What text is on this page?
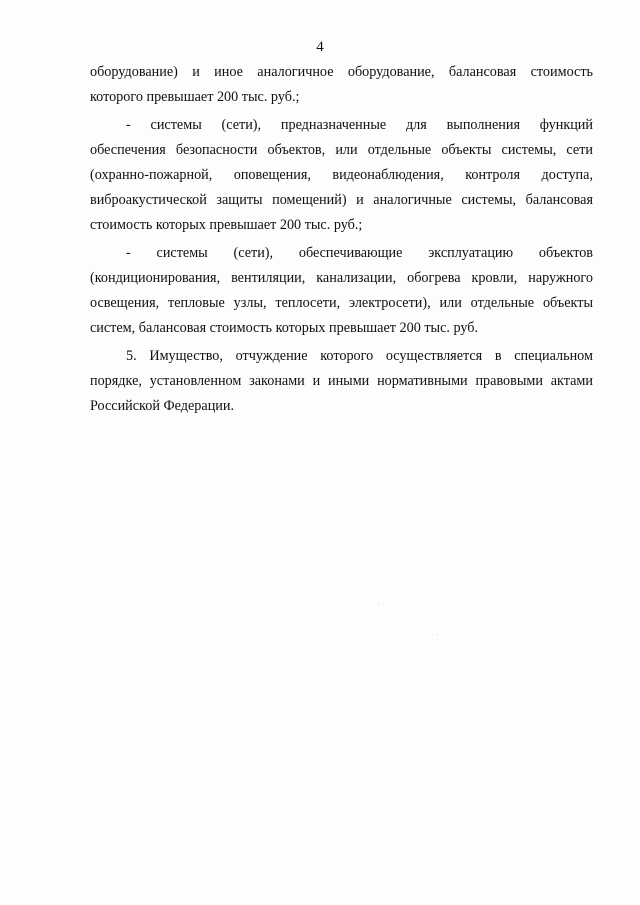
4
оборудование) и иное аналогичное оборудование, балансовая стоимость
которого превышает 200 тыс. руб.;
- системы (сети), предназначенные для выполнения функций
обеспечения безопасности объектов, или отдельные объекты системы, сети
(охранно-пожарной, оповещения, видеонаблюдения, контроля доступа,
виброакустической защиты помещений) и аналогичные системы, балансовая
стоимость которых превышает 200 тыс. руб.;
- системы (сети), обеспечивающие эксплуатацию объектов
(кондиционирования, вентиляции, канализации, обогрева кровли, наружного
освещения, тепловые узлы, теплосети, электросети), или отдельные объекты
систем, балансовая стоимость которых превышает 200 тыс. руб.
5. Имущество, отчуждение которого осуществляется в специальном
порядке, установленном законами и иными нормативными правовыми актами
Российской Федерации.
